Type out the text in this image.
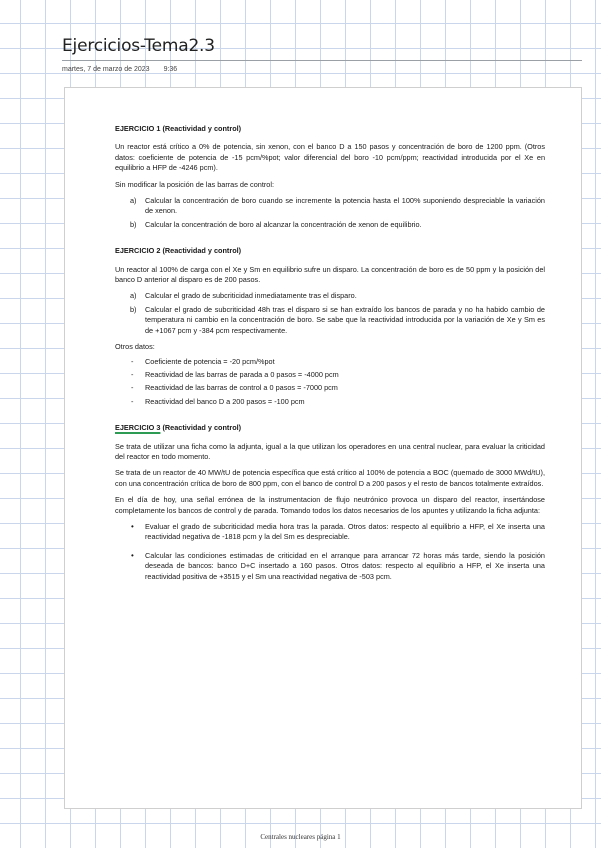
Ejercicios-Tema2.3
martes, 7 de marzo de 2023 9:36
EJERCICIO 1 (Reactividad y control)

Un reactor está crítico a 0% de potencia, sin xenon, con el banco D a 150 pasos y concentración de boro de 1200 ppm. (Otros datos: coeficiente de potencia de -15 pcm/%pot; valor diferencial del boro -10 pcm/ppm; reactividad introducida por el Xe en equilibrio a HFP de -4246 pcm).

Sin modificar la posición de las barras de control:

a) Calcular la concentración de boro cuando se incremente la potencia hasta el 100% suponiendo despreciable la variación de xenon.
b) Calcular la concentración de boro al alcanzar la concentración de xenon de equilibrio.
EJERCICIO 2 (Reactividad y control)

Un reactor al 100% de carga con el Xe y Sm en equilibrio sufre un disparo. La concentración de boro es de 50 ppm y la posición del banco D anterior al disparo es de 200 pasos.

a) Calcular el grado de subcriticidad inmediatamente tras el disparo.
b) Calcular el grado de subcriticidad 48h tras el disparo si se han extraído los bancos de parada y no ha habido cambio de temperatura ni cambio en la concentración de boro. Se sabe que la reactividad introducida por la variación de Xe y Sm es de +1067 pcm y -384 pcm respectivamente.

Otros datos:

- Coeficiente de potencia = -20 pcm/%pot
- Reactividad de las barras de parada a 0 pasos = -4000 pcm
- Reactividad de las barras de control a 0 pasos = -7000 pcm
- Reactividad del banco D a 200 pasos = -100 pcm
EJERCICIO 3 (Reactividad y control)

Se trata de utilizar una ficha como la adjunta, igual a la que utilizan los operadores en una central nuclear, para evaluar la criticidad del reactor en todo momento.

Se trata de un reactor de 40 MW/tU de potencia específica que está crítico al 100% de potencia a BOC (quemado de 3000 MWd/tU), con una concentración crítica de boro de 800 ppm, con el banco de control D a 200 pasos y el resto de bancos totalmente extraídos.

En el día de hoy, una señal errónea de la instrumentacion de flujo neutrónico provoca un disparo del reactor, insertándose completamente los bancos de control y de parada. Tomando todos los datos necesarios de los apuntes y utilizando la ficha adjunta:

• Evaluar el grado de subcriticidad media hora tras la parada. Otros datos: respecto al equilibrio a HFP, el Xe inserta una reactividad negativa de -1818 pcm y la del Sm es despreciable.
• Calcular las condiciones estimadas de criticidad en el arranque para arrancar 72 horas más tarde, siendo la posición deseada de bancos: banco D+C insertado a 160 pasos. Otros datos: respecto al equilibrio a HFP, el Xe inserta una reactividad positiva de +3515 y el Sm una reactividad negativa de -503 pcm.
Centrales nucleares página 1
